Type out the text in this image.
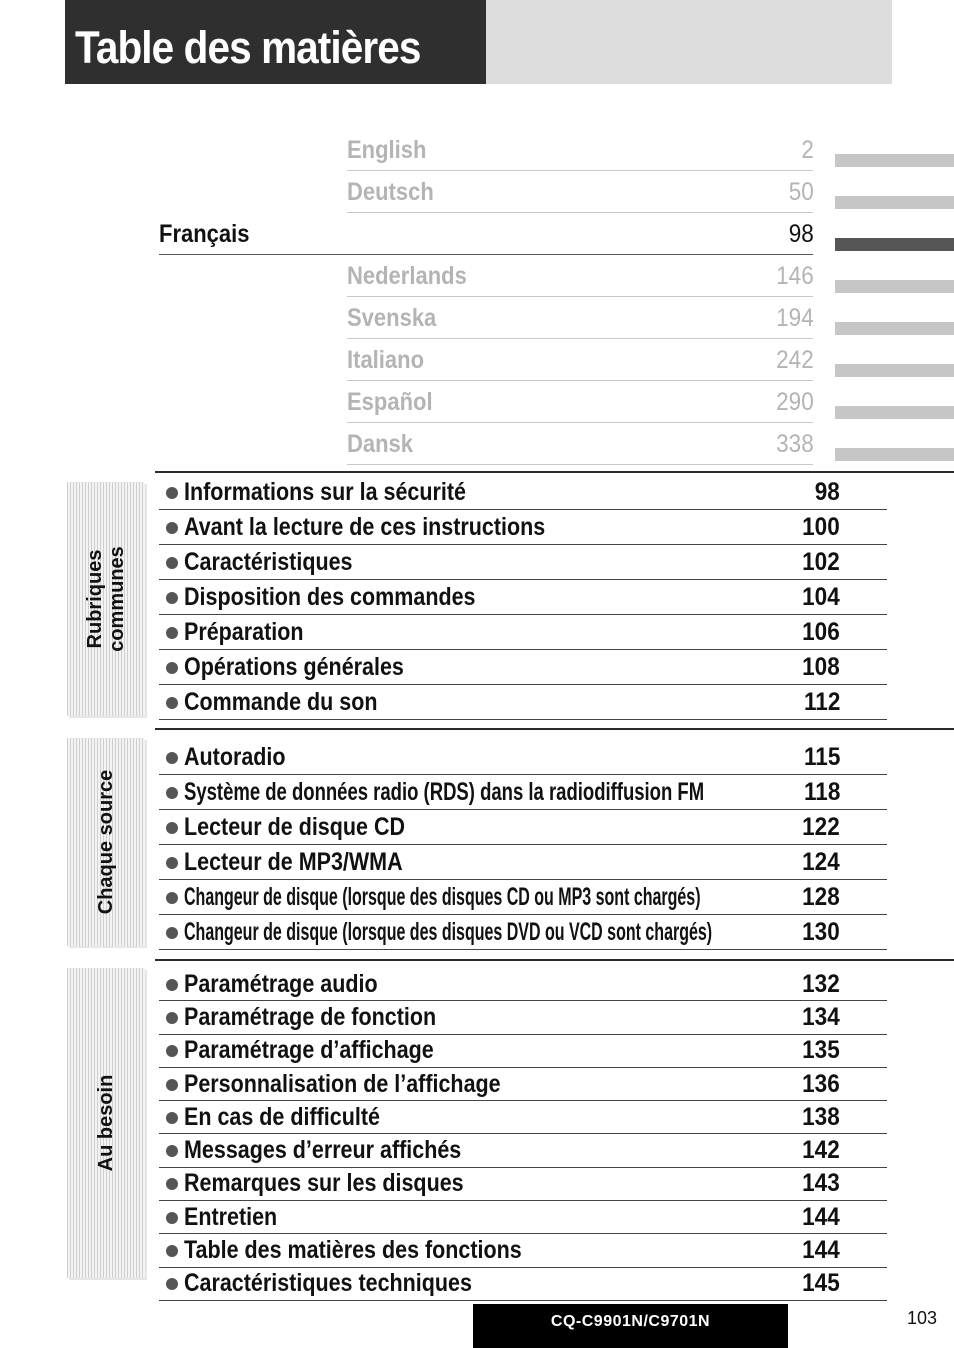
Table des matières
English	2
Deutsch	50
Français	98
Nederlands	146
Svenska	194
Italiano	242
Español	290
Dansk	338
Rubriques communes
Informations sur la sécurité	98
Avant la lecture de ces instructions	100
Caractéristiques	102
Disposition des commandes	104
Préparation	106
Opérations générales	108
Commande du son	112
Chaque source
Autoradio	115
Système de données radio (RDS) dans la radiodiffusion FM	118
Lecteur de disque CD	122
Lecteur de MP3/WMA	124
Changeur de disque (lorsque des disques CD ou MP3 sont chargés)	128
Changeur de disque (lorsque des disques DVD ou VCD sont chargés)	130
Au besoin
Paramétrage audio	132
Paramétrage de fonction	134
Paramétrage d’affichage	135
Personnalisation de l’affichage	136
En cas de difficulté	138
Messages d’erreur affichés	142
Remarques sur les disques	143
Entretien	144
Table des matières des fonctions	144
Caractéristiques techniques	145
CQ-C9901N/C9701N	103
